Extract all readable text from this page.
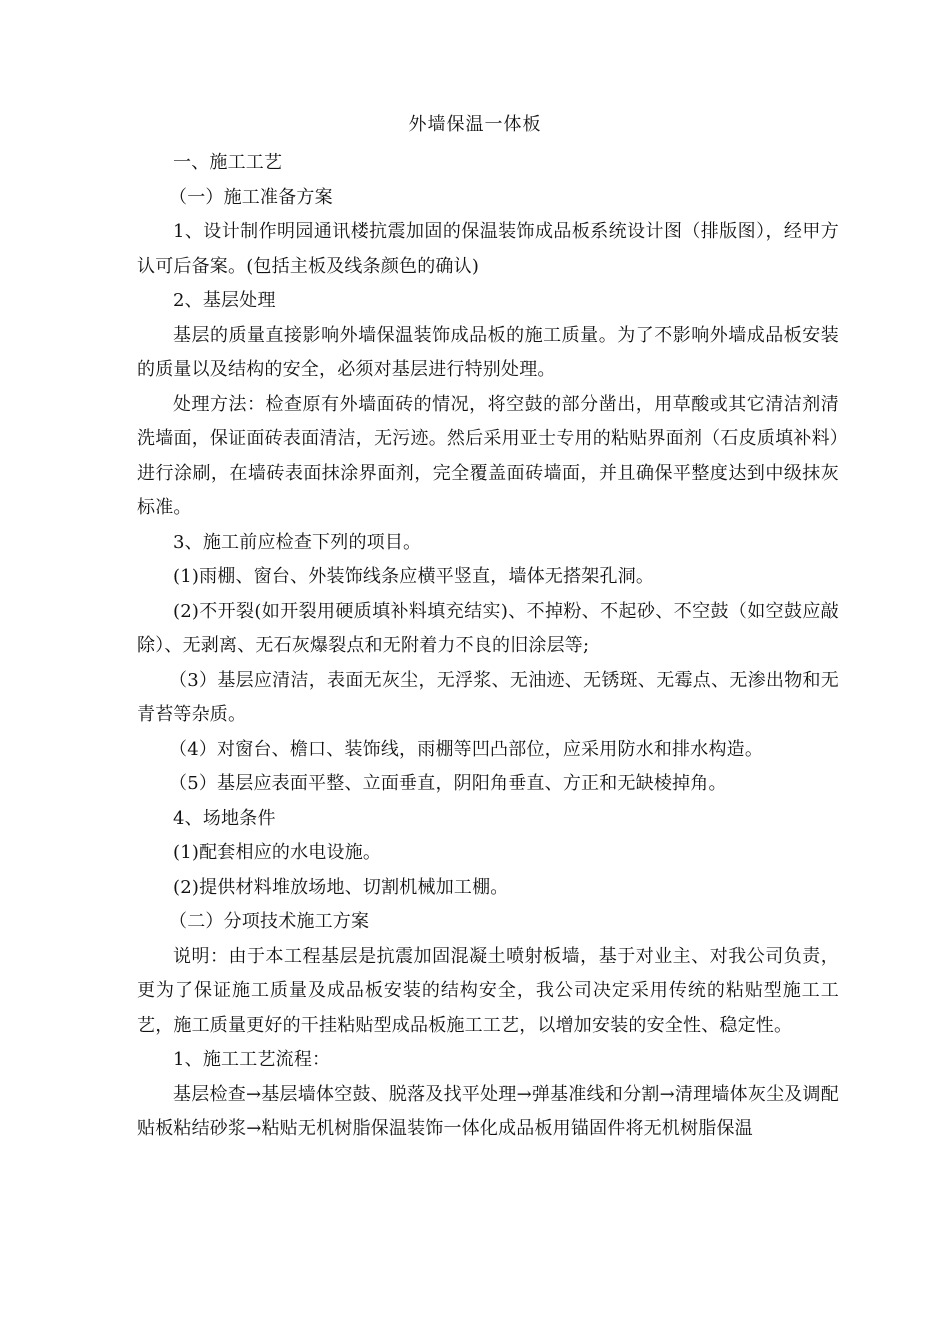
外墙保温一体板

一、施工工艺

（一）施工准备方案

1、设计制作明园通讯楼抗震加固的保温装饰成品板系统设计图（排版图），经甲方认可后备案。(包括主板及线条颜色的确认)

2、基层处理

基层的质量直接影响外墙保温装饰成品板的施工质量。为了不影响外墙成品板安装的质量以及结构的安全，必须对基层进行特别处理。

处理方法：检查原有外墙面砖的情况，将空鼓的部分凿出，用草酸或其它清洁剂清洗墙面，保证面砖表面清洁，无污迹。然后采用亚士专用的粘贴界面剂（石皮质填补料）进行涂刷，在墙砖表面抹涂界面剂，完全覆盖面砖墙面，并且确保平整度达到中级抹灰标准。

3、施工前应检查下列的项目。

(1)雨棚、窗台、外装饰线条应横平竖直，墙体无搭架孔洞。

(2)不开裂(如开裂用硬质填补料填充结实)、不掉粉、不起砂、不空鼓（如空鼓应敲除）、无剥离、无石灰爆裂点和无附着力不良的旧涂层等;

（3）基层应清洁，表面无灰尘，无浮浆、无油迹、无锈斑、无霉点、无渗出物和无青苔等杂质。

（4）对窗台、檐口、装饰线，雨棚等凹凸部位，应采用防水和排水构造。

（5）基层应表面平整、立面垂直，阴阳角垂直、方正和无缺棱掉角。

4、场地条件

(1)配套相应的水电设施。

(2)提供材料堆放场地、切割机械加工棚。

（二）分项技术施工方案

说明：由于本工程基层是抗震加固混凝土喷射板墙，基于对业主、对我公司负责，更为了保证施工质量及成品板安装的结构安全，我公司决定采用传统的粘贴型施工工艺，施工质量更好的干挂粘贴型成品板施工工艺，以增加安装的安全性、稳定性。

1、施工工艺流程：

基层检查→基层墙体空鼓、脱落及找平处理→弹基准线和分割→清理墙体灰尘及调配贴板粘结砂浆→粘贴无机树脂保温装饰一体化成品板用锚固件将无机树脂保温
